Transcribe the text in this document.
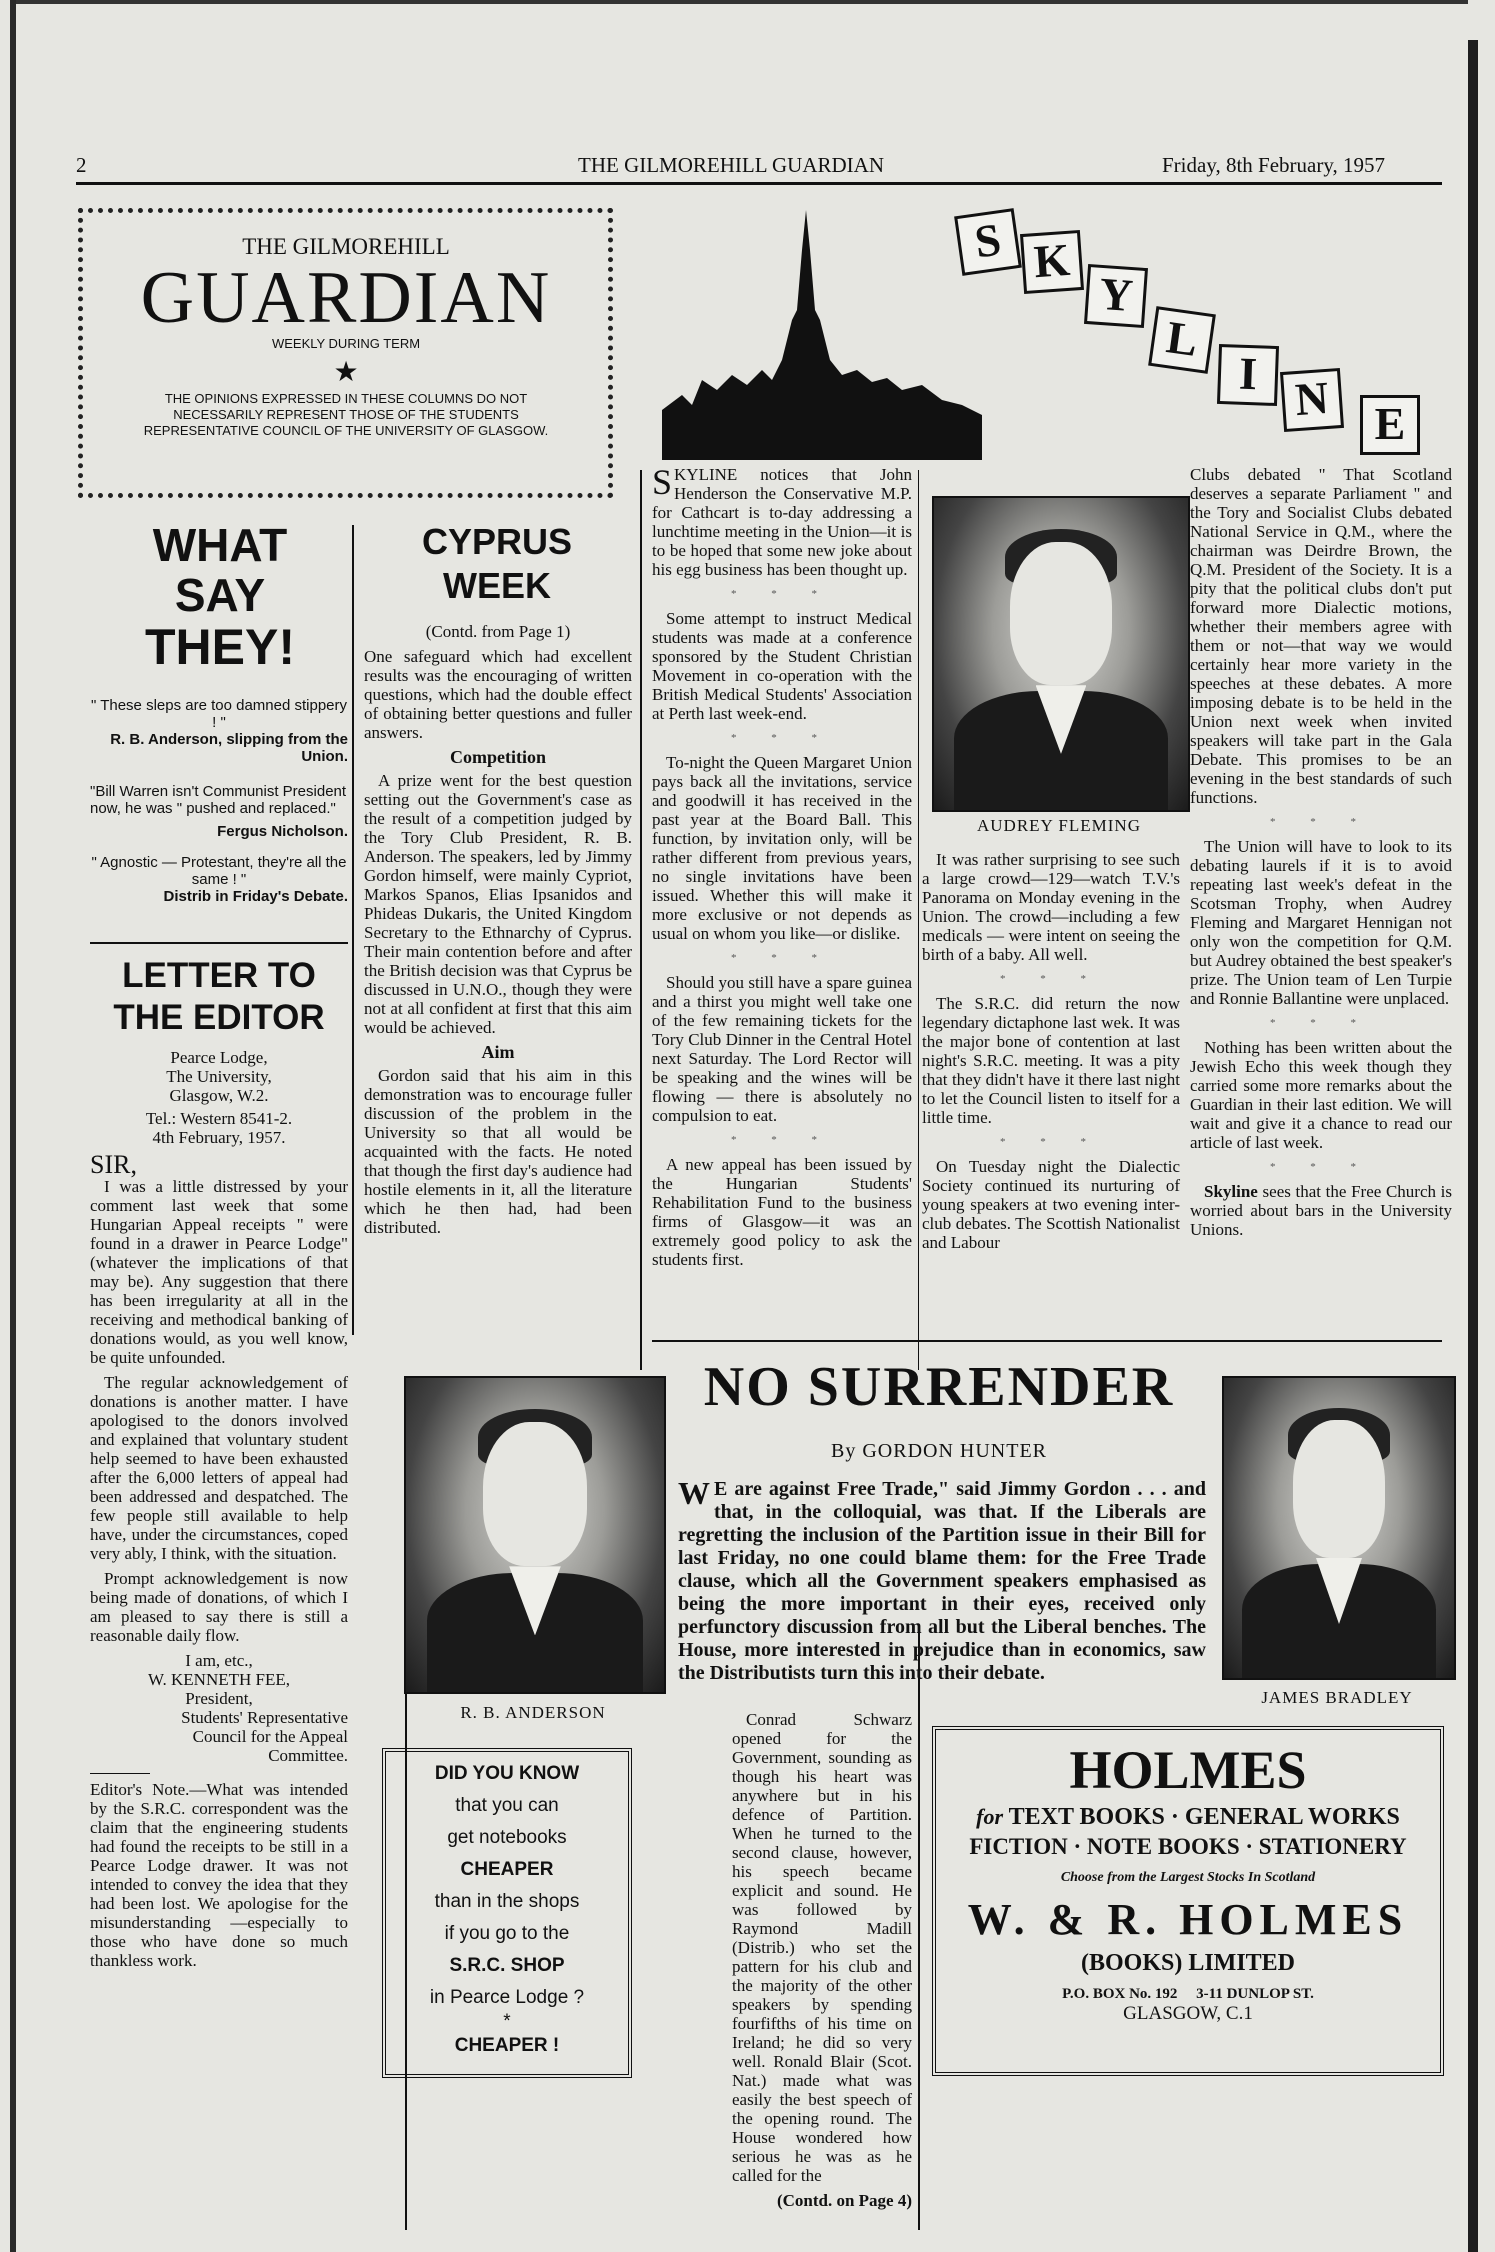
2	THE GILMOREHILL GUARDIAN	Friday, 8th February, 1957
THE GILMOREHILL
GUARDIAN
WEEKLY DURING TERM
★
THE OPINIONS EXPRESSED IN THESE COLUMNS DO NOT NECESSARILY REPRESENT THOSE OF THE STUDENTS REPRESENTATIVE COUNCIL OF THE UNIVERSITY OF GLASGOW.
WHAT
SAY
THEY!
" These sleps are too damned stippery ! "
R. B. Anderson, slipping from the Union.
"Bill Warren isn't Communist President now, he was " pushed and replaced."
Fergus Nicholson.
" Agnostic — Protestant, they're all the same ! "
Distrib in Friday's Debate.
LETTER TO
THE EDITOR
Pearce Lodge,
The University,
Glasgow, W.2.
Tel.: Western 8541-2.
4th February, 1957.
SIR,

I was a little distressed by your comment last week that some Hungarian Appeal receipts " were found in a drawer in Pearce Lodge" (whatever the implications of that may be). Any suggestion that there has been irregularity at all in the receiving and methodical banking of donations would, as you well know, be quite unfounded.

The regular acknowledgement of donations is another matter. I have apologised to the donors involved and explained that voluntary student help seemed to have been exhausted after the 6,000 letters of appeal had been addressed and despatched. The few people still available to help have, under the circumstances, coped very ably, I think, with the situation.

Prompt acknowledgement is now being made of donations, of which I am pleased to say there is still a reasonable daily flow.

I am, etc.,
W. KENNETH FEE,
President,
Students' Representative Council for the Appeal Committee.

Editor's Note.—What was intended by the S.R.C. correspondent was the claim that the engineering students had found the receipts to be still in a Pearce Lodge drawer. It was not intended to convey the idea that they had been lost. We apologise for the misunderstanding —especially to those who have done so much thankless work.

CYPRUS
WEEK
(Contd. from Page 1)

One safeguard which had excellent results was the encouraging of written questions, which had the double effect of obtaining better questions and fuller answers.

Competition

A prize went for the best question setting out the Government's case as the result of a competition judged by the Tory Club President, R. B. Anderson. The speakers, led by Jimmy Gordon himself, were mainly Cypriot, Markos Spanos, Elias Ipsanidos and Phideas Dukaris, the United Kingdom Secretary to the Ethnarchy of Cyprus. Their main contention before and after the British decision was that Cyprus be discussed in U.N.O., though they were not at all confident at first that this aim would be achieved.

Aim

Gordon said that his aim in this demonstration was to encourage fuller discussion of the problem in the University so that all would be acquainted with the facts. He noted that though the first day's audience had hostile elements in it, all the literature which he then had, had been distributed.

S K
Y
L
I N E

SKYLINE notices that John Henderson the Conservative M.P. for Cathcart is to-day addressing a lunchtime meeting in the Union—it is to be hoped that some new joke about his egg business has been thought up.

* * *

Some attempt to instruct Medical students was made at a conference sponsored by the Student Christian Movement in co-operation with the British Medical Students' Association at Perth last week-end.

* * *

To-night the Queen Margaret Union pays back all the invitations, service and goodwill it has received in the past year at the Board Ball. This function, by invitation only, will be rather different from previous years, no single invitations have been issued. Whether this will make it more exclusive or not depends as usual on whom you like—or dislike.

* * *

Should you still have a spare guinea and a thirst you might well take one of the few remaining tickets for the Tory Club Dinner in the Central Hotel next Saturday. The Lord Rector will be speaking and the wines will be flowing — there is absolutely no compulsion to eat.

* * *

A new appeal has been issued by the Hungarian Students' Rehabilitation Fund to the business firms of Glasgow—it was an extremely good policy to ask the students first.

AUDREY FLEMING

It was rather surprising to see such a large crowd—129—watch T.V.'s Panorama on Monday evening in the Union. The crowd—including a few medicals — were intent on seeing the birth of a baby. All well.

* * *

The S.R.C. did return the now legendary dictaphone last wek. It was the major bone of contention at last night's S.R.C. meeting. It was a pity that they didn't have it there last night to let the Council listen to itself for a little time.

* * *

On Tuesday night the Dialectic Society continued its nurturing of young speakers at two evening inter-club debates. The Scottish Nationalist and Labour

Clubs debated " That Scotland deserves a separate Parliament " and the Tory and Socialist Clubs debated National Service in Q.M., where the chairman was Deirdre Brown, the Q.M. President of the Society. It is a pity that the political clubs don't put forward more Dialectic motions, whether their members agree with them or not—that way we would certainly hear more variety in the speeches at these debates. A more imposing debate is to be held in the Union next week when invited speakers will take part in the Gala Debate. This promises to be an evening in the best standards of such functions.

* * *

The Union will have to look to its debating laurels if it is to avoid repeating last week's defeat in the Scotsman Trophy, when Audrey Fleming and Margaret Hennigan not only won the competition for Q.M. but Audrey obtained the best speaker's prize. The Union team of Len Turpie and Ronnie Ballantine were unplaced.

* * *

Nothing has been written about the Jewish Echo this week though they carried some more remarks about the Guardian in their last edition. We will wait and give it a chance to read our article of last week.

* * *

Skyline sees that the Free Church is worried about bars in the University Unions.

R. B. ANDERSON
NO SURRENDER
By GORDON HUNTER
W E are against Free Trade," said Jimmy Gordon . . . and that, in the colloquial, was that. If the Liberals are regretting the inclusion of the Partition issue in their Bill for last Friday, no one could blame them: for the Free Trade clause, which all the Government speakers emphasised as being the more important in their eyes, received only perfunctory discussion from all but the Liberal benches. The House, more interested in prejudice than in economics, saw the Distributists turn this into their debate.
JAMES BRADLEY

Conrad Schwarz opened for the Government, sounding as though his heart was anywhere but in his defence of Partition. When he turned to the second clause, however, his speech became explicit and sound. He was followed by Raymond Madill (Distrib.) who set the pattern for his club and the majority of the other speakers by spending fourfifths of his time on Ireland; he did so very well. Ronald Blair (Scot. Nat.) made what was easily the best speech of the opening round. The House wondered how serious he was as he called for the

(Contd. on Page 4)
DID YOU KNOW
that you can
get notebooks
CHEAPER
than in the shops
if you go to the
S.R.C. SHOP
in Pearce Lodge ?
*
CHEAPER !
HOLMES
for TEXT BOOKS · GENERAL WORKS
FICTION · NOTE BOOKS · STATIONERY
Choose from the Largest Stocks In Scotland
W. & R. HOLMES
(BOOKS) LIMITED
P.O. BOX No. 192     3-11 DUNLOP ST.
GLASGOW, C.1
